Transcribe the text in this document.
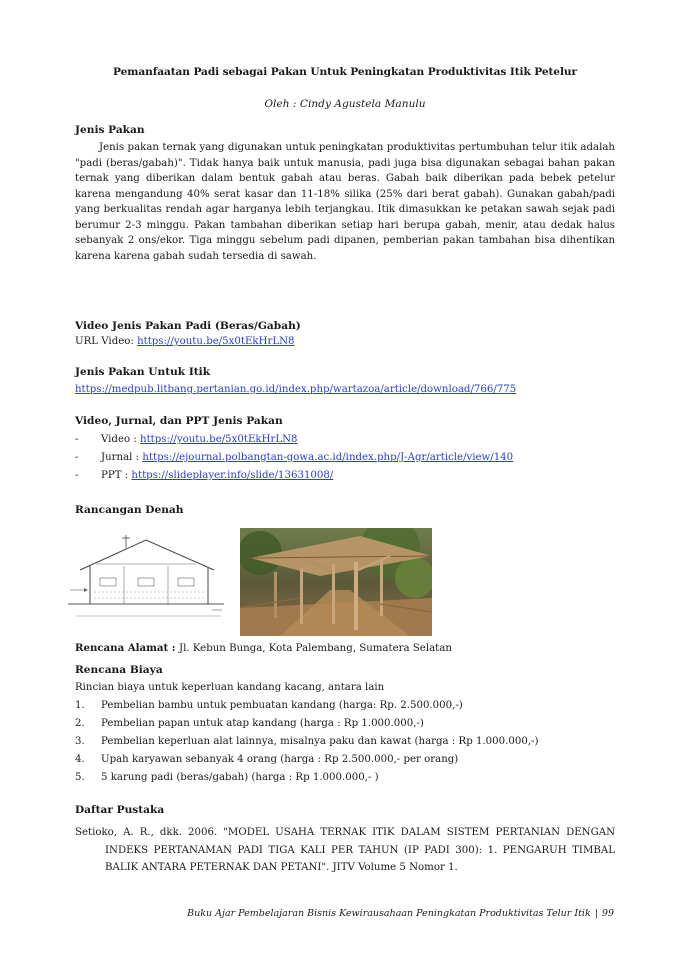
Pemanfaatan Padi sebagai Pakan Untuk Peningkatan Produktivitas Itik Petelur
Oleh : Cindy Agustela Manulu
Jenis Pakan

Jenis pakan ternak yang digunakan untuk peningkatan produktivitas pertumbuhan telur itik adalah "padi (beras/gabah)". Tidak hanya baik untuk manusia, padi juga bisa digunakan sebagai bahan pakan ternak yang diberikan dalam bentuk gabah atau beras. Gabah baik diberikan pada bebek petelur karena mengandung 40% serat kasar dan 11-18% silika (25% dari berat gabah). Gunakan gabah/padi yang berkualitas rendah agar harganya lebih terjangkau. Itik dimasukkan ke petakan sawah sejak padi berumur 2-3 minggu. Pakan tambahan diberikan setiap hari berupa gabah, menir, atau dedak halus sebanyak 2 ons/ekor. Tiga minggu sebelum padi dipanen, pemberian pakan tambahan bisa dihentikan karena karena gabah sudah tersedia di sawah.

Video Jenis Pakan Padi (Beras/Gabah)
URL Video: https://youtu.be/5x0tEkHrLN8
Jenis Pakan Untuk Itik
https://medpub.litbang.pertanian.go.id/index.php/wartazoa/article/download/766/775
Video, Jurnal, dan PPT Jenis Pakan
- Video : https://youtu.be/5x0tEkHrLN8
- Jurnal : https://ejournal.polbangtan-gowa.ac.id/index.php/J-Agr/article/view/140
- PPT : https://slideplayer.info/slide/13631008/
Rancangan Denah
Rencana Alamat : Jl. Kebun Bunga, Kota Palembang, Sumatera Selatan
Rencana Biaya
Rincian biaya untuk keperluan kandang kacang, antara lain
1. Pembelian bambu untuk pembuatan kandang (harga: Rp. 2.500.000,-)
2. Pembelian papan untuk atap kandang (harga : Rp 1.000.000,-)
3. Pembelian keperluan alat lainnya, misalnya paku dan kawat (harga : Rp 1.000.000,-)
4. Upah karyawan sebanyak 4 orang (harga : Rp 2.500.000,- per orang)
5. 5 karung padi (beras/gabah) (harga : Rp 1.000.000,- )
Daftar Pustaka

Setioko, A. R., dkk. 2006. "MODEL USAHA TERNAK ITIK DALAM SISTEM PERTANIAN DENGAN INDEKS PERTANAMAN PADI TIGA KALI PER TAHUN (IP PADI 300): 1. PENGARUH TIMBAL BALIK ANTARA PETERNAK DAN PETANI". JITV Volume 5 Nomor 1.

Buku Ajar Pembelajaran Bisnis Kewirausahaan Peningkatan Produktivitas Telur Itik | 99
